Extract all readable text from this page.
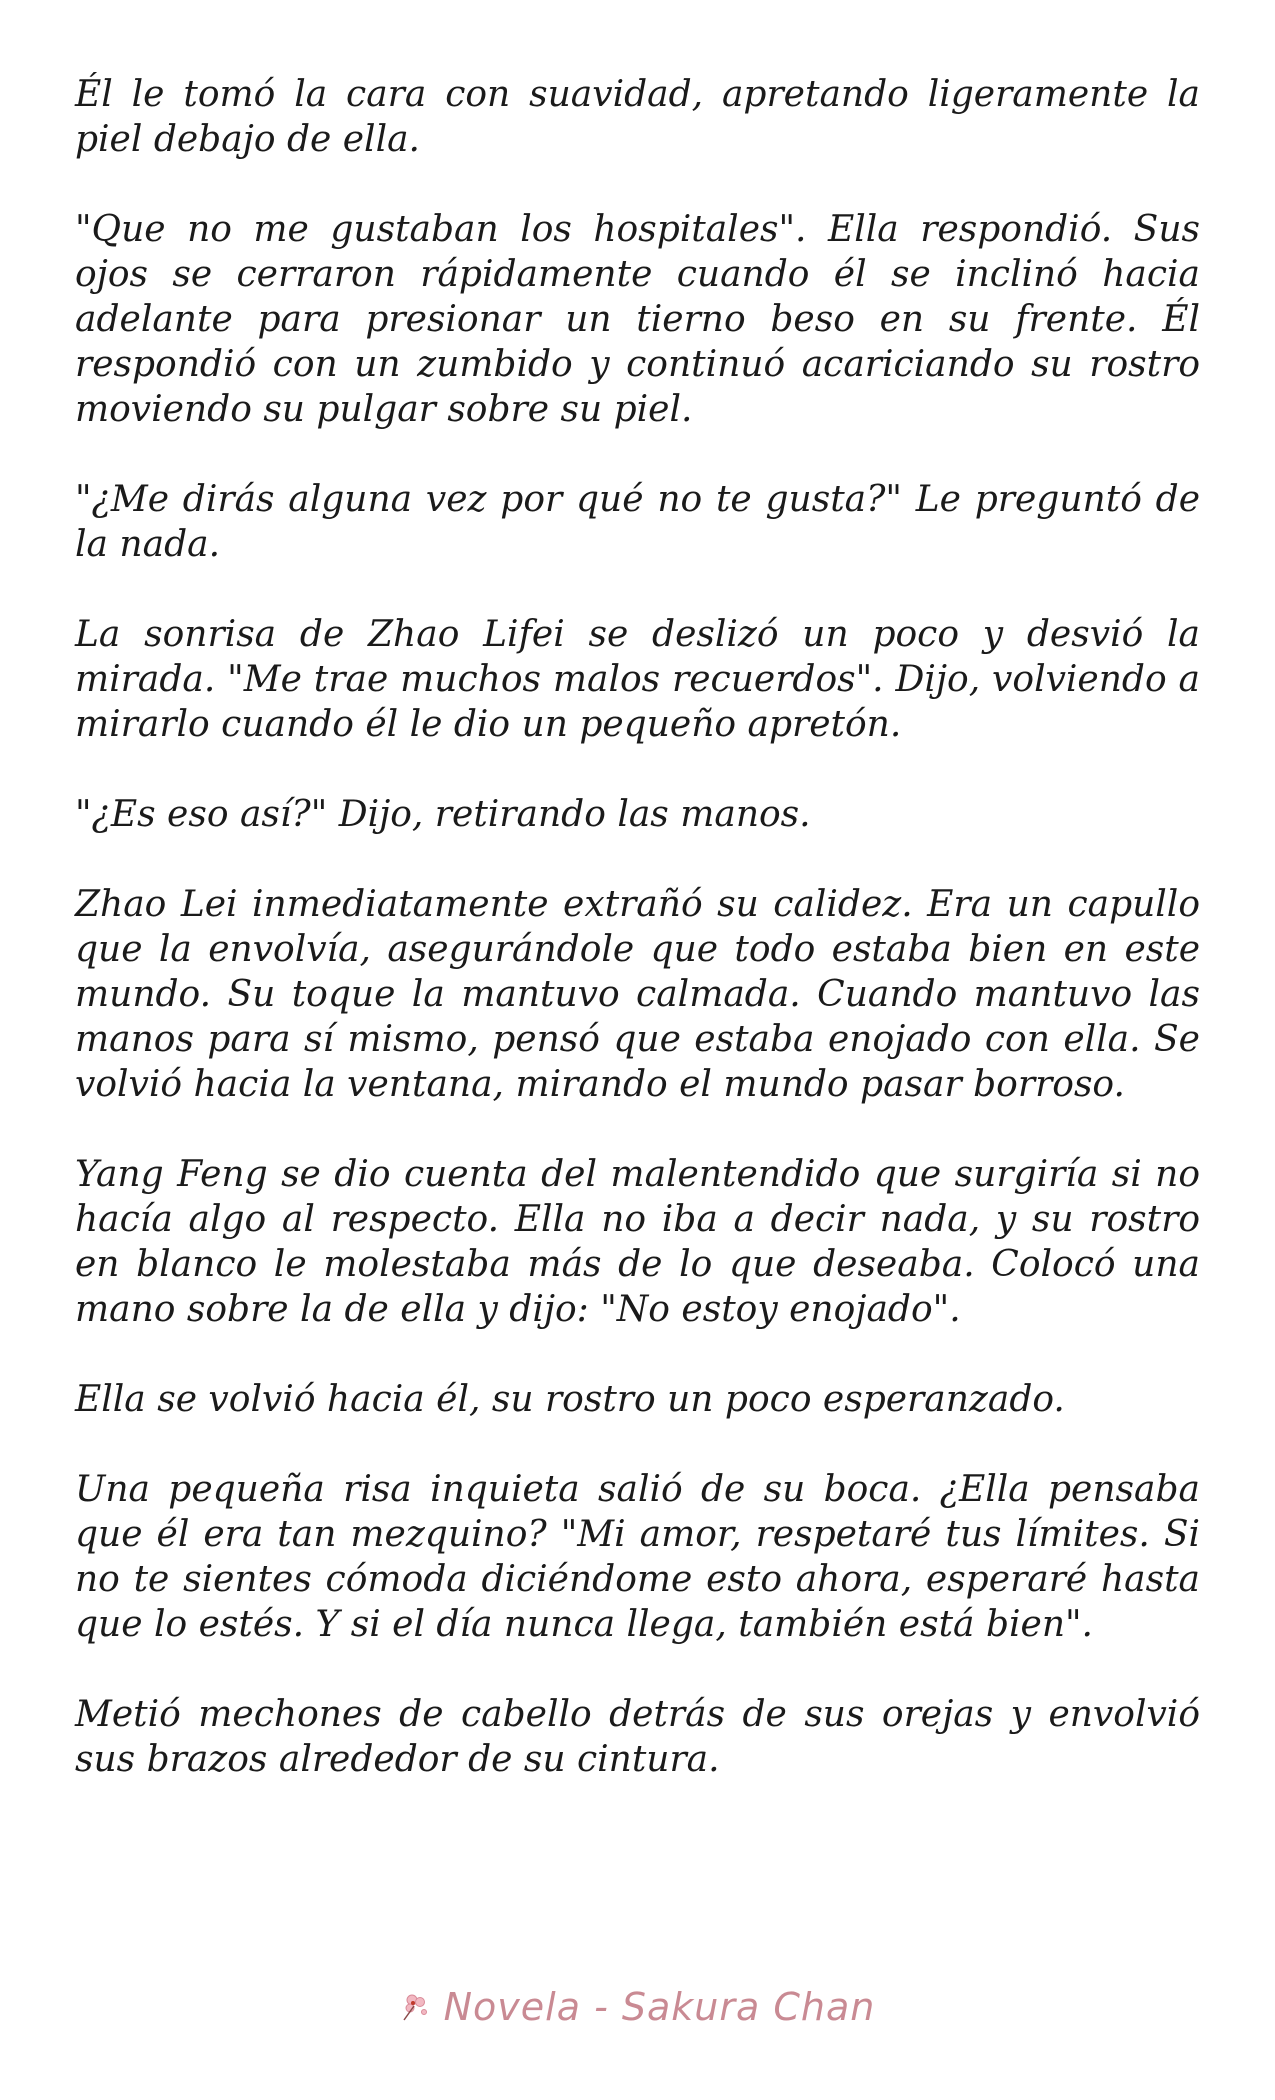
Él le tomó la cara con suavidad, apretando ligeramente la piel debajo de ella.

"Que no me gustaban los hospitales". Ella respondió. Sus ojos se cerraron rápidamente cuando él se inclinó hacia adelante para presionar un tierno beso en su frente. Él respondió con un zumbido y continuó acariciando su rostro moviendo su pulgar sobre su piel.

"¿Me dirás alguna vez por qué no te gusta?" Le preguntó de la nada.

La sonrisa de Zhao Lifei se deslizó un poco y desvió la mirada. "Me trae muchos malos recuerdos". Dijo, volviendo a mirarlo cuando él le dio un pequeño apretón.

"¿Es eso así?" Dijo, retirando las manos.

Zhao Lei inmediatamente extrañó su calidez. Era un capullo que la envolvía, asegurándole que todo estaba bien en este mundo. Su toque la mantuvo calmada. Cuando mantuvo las manos para sí mismo, pensó que estaba enojado con ella. Se volvió hacia la ventana, mirando el mundo pasar borroso.

Yang Feng se dio cuenta del malentendido que surgiría si no hacía algo al respecto. Ella no iba a decir nada, y su rostro en blanco le molestaba más de lo que deseaba. Colocó una mano sobre la de ella y dijo: "No estoy enojado".

Ella se volvió hacia él, su rostro un poco esperanzado.

Una pequeña risa inquieta salió de su boca. ¿Ella pensaba que él era tan mezquino? "Mi amor, respetaré tus límites. Si no te sientes cómoda diciéndome esto ahora, esperaré hasta que lo estés. Y si el día nunca llega, también está bien".

Metió mechones de cabello detrás de sus orejas y envolvió sus brazos alrededor de su cintura.

Novela - Sakura Chan
